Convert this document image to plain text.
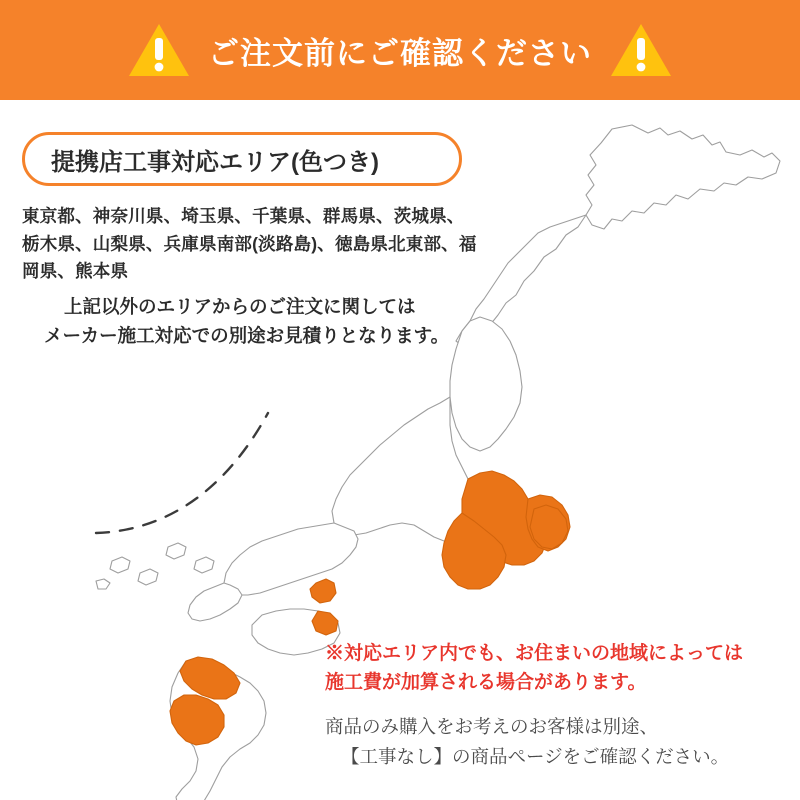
ご注文前にご確認ください
提携店工事対応エリア(色つき)
東京都、神奈川県、埼玉県、千葉県、群馬県、茨城県、栃木県、山梨県、兵庫県南部(淡路島)、徳島県北東部、福岡県、熊本県
上記以外のエリアからのご注文に関しては
メーカー施工対応での別途お見積りとなります。
※対応エリア内でも、お住まいの地域によっては
施工費が加算される場合があります。
商品のみ購入をお考えのお客様は別途、
【工事なし】の商品ページをご確認ください。
